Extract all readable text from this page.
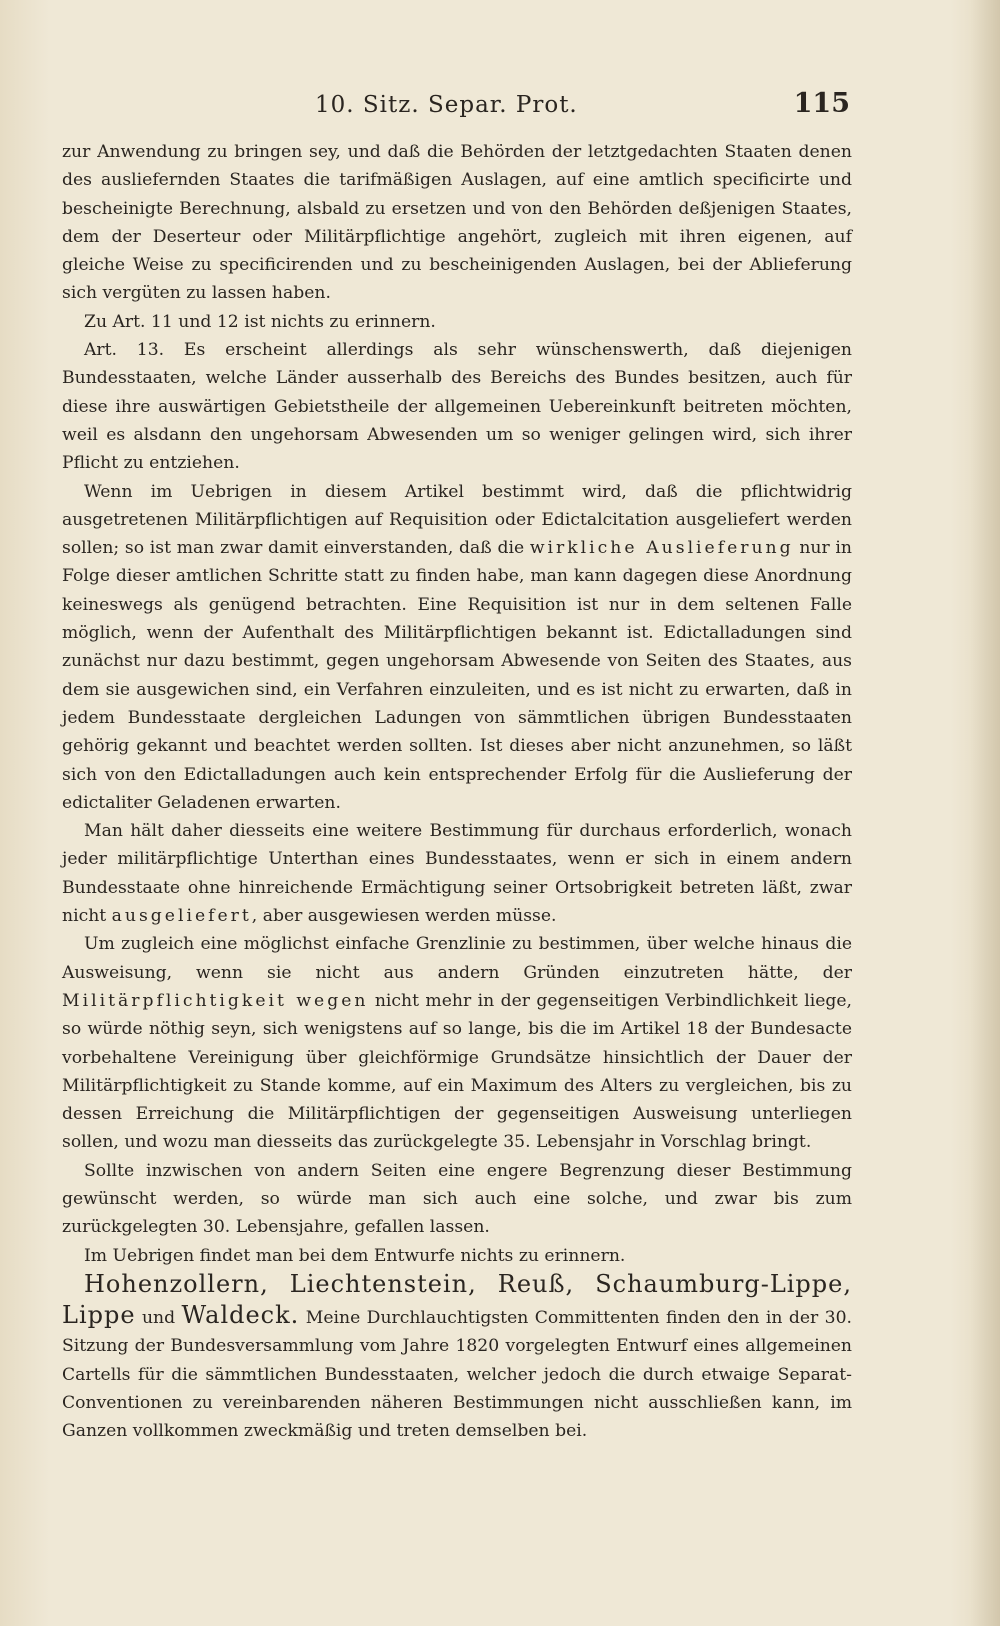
10. Sitz. Separ. Prot.	115

zur Anwendung zu bringen sey, und daß die Behörden der letztgedachten Staaten denen des ausliefernden Staates die tarifmäßigen Auslagen, auf eine amtlich specificirte und bescheinigte Berechnung, alsbald zu ersetzen und von den Behörden deßjenigen Staates, dem der Deserteur oder Militärpflichtige angehört, zugleich mit ihren eigenen, auf gleiche Weise zu specificirenden und zu bescheinigenden Auslagen, bei der Ablieferung sich vergüten zu lassen haben.

Zu Art. 11 und 12 ist nichts zu erinnern.

Art. 13. Es erscheint allerdings als sehr wünschenswerth, daß diejenigen Bundesstaaten, welche Länder ausserhalb des Bereichs des Bundes besitzen, auch für diese ihre auswärtigen Gebietstheile der allgemeinen Uebereinkunft beitreten möchten, weil es alsdann den ungehorsam Abwesenden um so weniger gelingen wird, sich ihrer Pflicht zu entziehen.

Wenn im Uebrigen in diesem Artikel bestimmt wird, daß die pflichtwidrig ausgetretenen Militärpflichtigen auf Requisition oder Edictalcitation ausgeliefert werden sollen; so ist man zwar damit einverstanden, daß die wirkliche Auslieferung nur in Folge dieser amtlichen Schritte statt zu finden habe, man kann dagegen diese Anordnung keineswegs als genügend betrachten. Eine Requisition ist nur in dem seltenen Falle möglich, wenn der Aufenthalt des Militärpflichtigen bekannt ist. Edictalladungen sind zunächst nur dazu bestimmt, gegen ungehorsam Abwesende von Seiten des Staates, aus dem sie ausgewichen sind, ein Verfahren einzuleiten, und es ist nicht zu erwarten, daß in jedem Bundesstaate dergleichen Ladungen von sämmtlichen übrigen Bundesstaaten gehörig gekannt und beachtet werden sollten. Ist dieses aber nicht anzunehmen, so läßt sich von den Edictalladungen auch kein entsprechender Erfolg für die Auslieferung der edictaliter Geladenen erwarten.

Man hält daher diesseits eine weitere Bestimmung für durchaus erforderlich, wonach jeder militärpflichtige Unterthan eines Bundesstaates, wenn er sich in einem andern Bundesstaate ohne hinreichende Ermächtigung seiner Ortsobrigkeit betreten läßt, zwar nicht ausgeliefert, aber ausgewiesen werden müsse.

Um zugleich eine möglichst einfache Grenzlinie zu bestimmen, über welche hinaus die Ausweisung, wenn sie nicht aus andern Gründen einzutreten hätte, der Militärpflichtigkeit wegen nicht mehr in der gegenseitigen Verbindlichkeit liege, so würde nöthig seyn, sich wenigstens auf so lange, bis die im Artikel 18 der Bundesacte vorbehaltene Vereinigung über gleichförmige Grundsätze hinsichtlich der Dauer der Militärpflichtigkeit zu Stande komme, auf ein Maximum des Alters zu vergleichen, bis zu dessen Erreichung die Militärpflichtigen der gegenseitigen Ausweisung unterliegen sollen, und wozu man diesseits das zurückgelegte 35. Lebensjahr in Vorschlag bringt.

Sollte inzwischen von andern Seiten eine engere Begrenzung dieser Bestimmung gewünscht werden, so würde man sich auch eine solche, und zwar bis zum zurückgelegten 30. Lebensjahre, gefallen lassen.

Im Uebrigen findet man bei dem Entwurfe nichts zu erinnern.

Hohenzollern, Liechtenstein, Reuß, Schaumburg-Lippe, Lippe und Waldeck. Meine Durchlauchtigsten Committenten finden den in der 30. Sitzung der Bundesversammlung vom Jahre 1820 vorgelegten Entwurf eines allgemeinen Cartells für die sämmtlichen Bundesstaaten, welcher jedoch die durch etwaige Separat-Conventionen zu vereinbarenden näheren Bestimmungen nicht ausschließen kann, im Ganzen vollkommen zweckmäßig und treten demselben bei.
